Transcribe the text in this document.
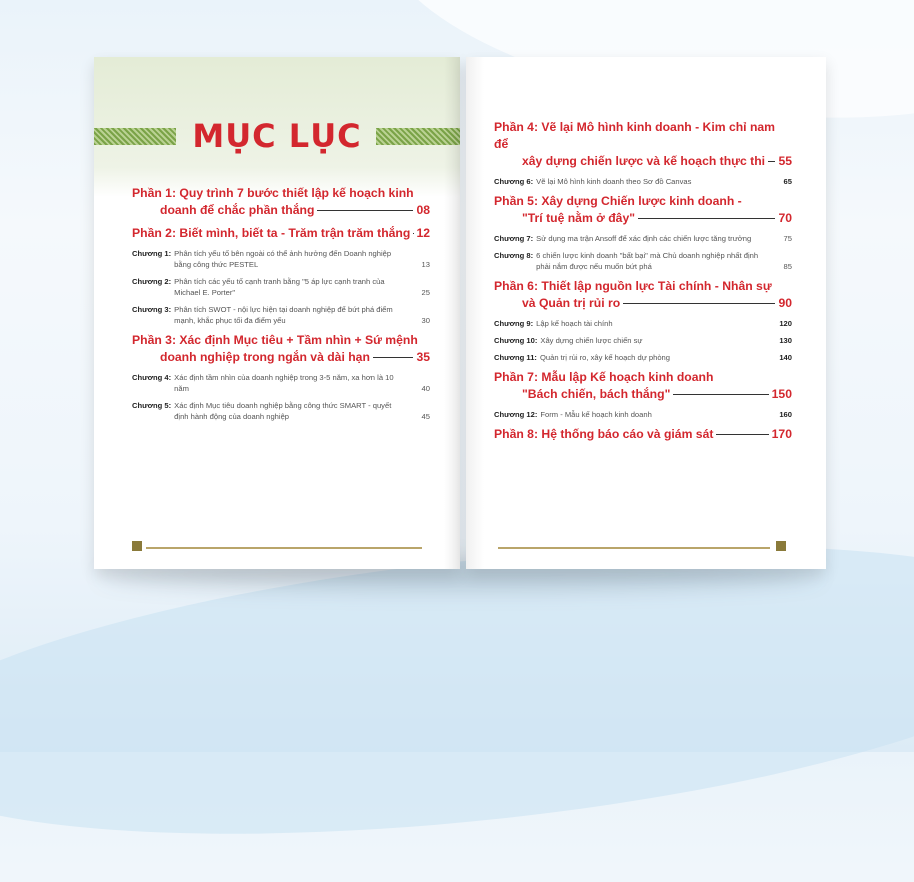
MỤC LỤC
Phần 1: Quy trình 7 bước thiết lập kế hoạch kinh
doanh để chắc phần thắng	08
Phần 2: Biết mình, biết ta - Trăm trận trăm thắng 12
Chương 1: Phân tích yếu tố bên ngoài có thể ảnh hưởng đến Doanh nghiệp bằng công thức PESTEL	13
Chương 2: Phân tích các yếu tố cạnh tranh bằng "5 áp lực cạnh tranh của Michael E. Porter"	25
Chương 3: Phân tích SWOT - nội lực hiện tại doanh nghiệp để bứt phá điểm mạnh, khắc phục tối đa điểm yếu	30
Phần 3: Xác định Mục tiêu + Tầm nhìn + Sứ mệnh
doanh nghiệp trong ngắn và dài hạn	35
Chương 4: Xác định tầm nhìn của doanh nghiệp trong 3-5 năm, xa hơn là 10 năm	40
Chương 5: Xác định Mục tiêu doanh nghiệp bằng công thức SMART - quyết định hành động của doanh nghiệp	45
Phần 4: Vẽ lại Mô hình kinh doanh - Kim chỉ nam để
xây dựng chiến lược và kế hoạch thực thi 55
Chương 6: Vẽ lại Mô hình kinh doanh theo Sơ đồ Canvas	65
Phần 5: Xây dựng Chiến lược kinh doanh -
"Trí tuệ nằm ở đây"	70
Chương 7: Sử dụng ma trận Ansoff để xác định các chiến lược tăng trưởng	75
Chương 8: 6 chiến lược kinh doanh "bất bại" mà Chủ doanh nghiệp nhất định phải nắm được nếu muốn bứt phá	85
Phần 6: Thiết lập nguồn lực Tài chính - Nhân sự
và Quản trị rủi ro	90
Chương 9: Lập kế hoạch tài chính	120
Chương 10: Xây dựng chiến lược chiến sự	130
Chương 11: Quản trị rủi ro, xây kế hoạch dự phòng	140
Phần 7: Mẫu lập Kế hoạch kinh doanh
"Bách chiến, bách thắng"	150
Chương 12: Form - Mẫu kế hoạch kinh doanh	160
Phần 8: Hệ thống báo cáo và giám sát	170
